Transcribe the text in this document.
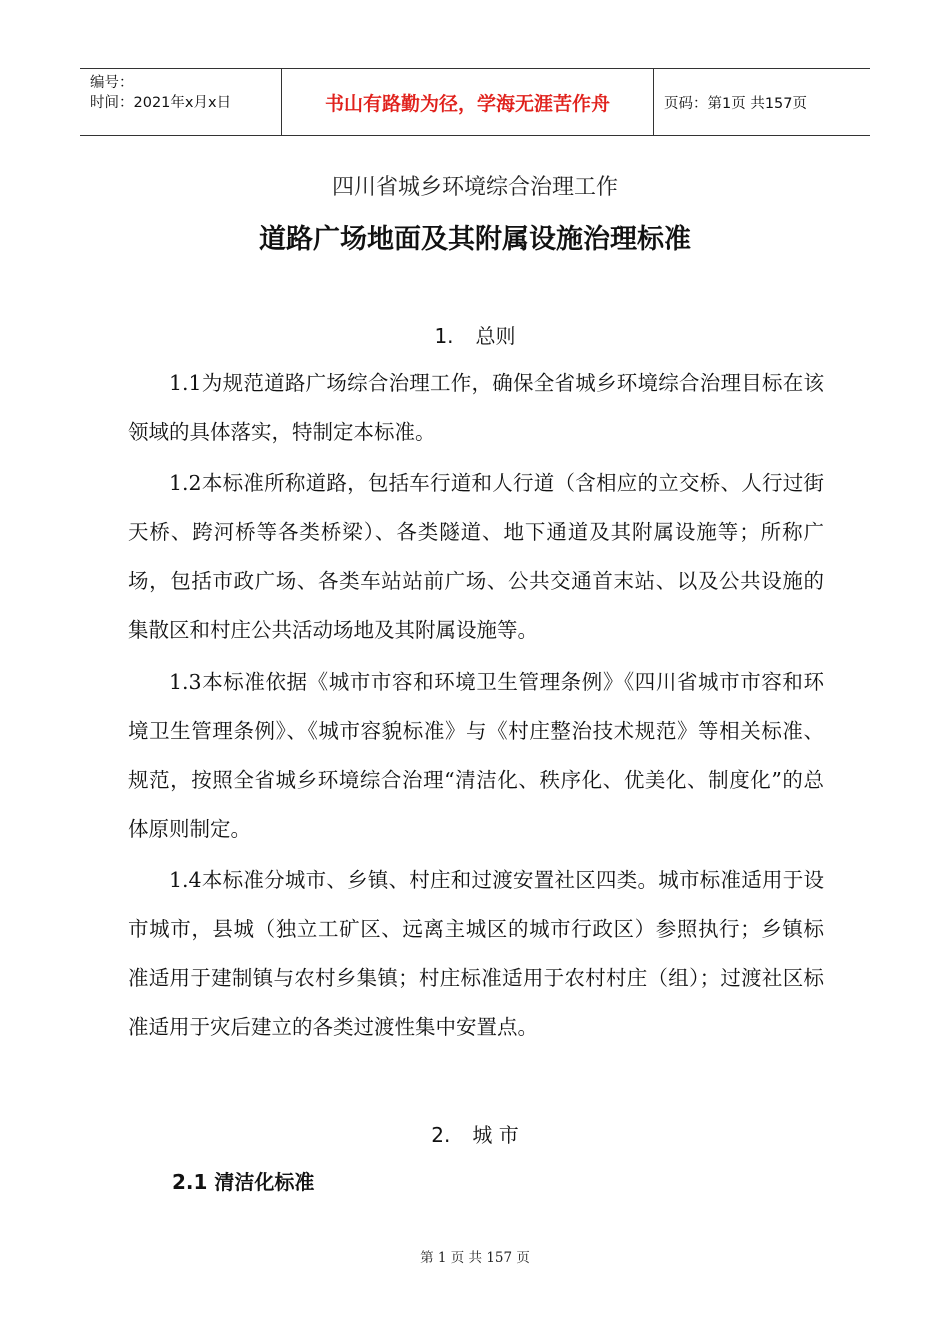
编号：
时间：2021年x月x日	书山有路勤为径，学海无涯苦作舟	页码：第1页 共157页
四川省城乡环境综合治理工作
道路广场地面及其附属设施治理标准
1. 总则
1.1为规范道路广场综合治理工作，确保全省城乡环境综合治理目标在该领域的具体落实，特制定本标准。
1.2本标准所称道路，包括车行道和人行道（含相应的立交桥、人行过街天桥、跨河桥等各类桥梁）、各类隧道、地下通道及其附属设施等；所称广场，包括市政广场、各类车站站前广场、公共交通首末站、以及公共设施的集散区和村庄公共活动场地及其附属设施等。
1.3本标准依据《城市市容和环境卫生管理条例》《四川省城市市容和环境卫生管理条例》、《城市容貌标准》与《村庄整治技术规范》等相关标准、规范，按照全省城乡环境综合治理“清洁化、秩序化、优美化、制度化”的总体原则制定。
1.4本标准分城市、乡镇、村庄和过渡安置社区四类。城市标准适用于设市城市，县城（独立工矿区、远离主城区的城市行政区）参照执行；乡镇标准适用于建制镇与农村乡集镇；村庄标准适用于农村村庄（组）；过渡社区标准适用于灾后建立的各类过渡性集中安置点。
2. 城 市
2.1 清洁化标准
第 1 页 共 157 页
